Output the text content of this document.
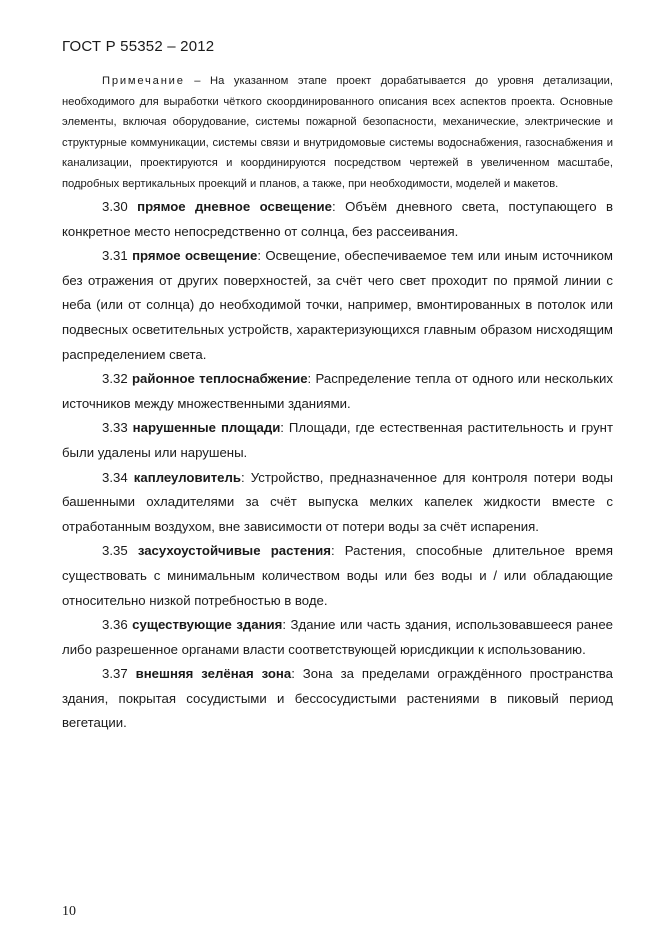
ГОСТ Р 55352 – 2012

Примечание – На указанном этапе проект дорабатывается до уровня детализации, необходимого для выработки чёткого скоординированного описания всех аспектов проекта. Основные элементы, включая оборудование, системы пожарной безопасности, механические, электрические и структурные коммуникации, системы связи и внутридомовые системы водоснабжения, газоснабжения и канализации, проектируются и координируются посредством чертежей в увеличенном масштабе, подробных вертикальных проекций и планов, а также, при необходимости, моделей и макетов.

3.30 прямое дневное освещение: Объём дневного света, поступающего в конкретное место непосредственно от солнца, без рассеивания.

3.31 прямое освещение: Освещение, обеспечиваемое тем или иным источником без отражения от других поверхностей, за счёт чего свет проходит по прямой линии с неба (или от солнца) до необходимой точки, например, вмонтированных в потолок или подвесных осветительных устройств, характеризующихся главным образом нисходящим распределением света.

3.32 районное теплоснабжение: Распределение тепла от одного или нескольких источников между множественными зданиями.

3.33 нарушенные площади: Площади, где естественная растительность и грунт были удалены или нарушены.

3.34 каплеуловитель: Устройство, предназначенное для контроля потери воды башенными охладителями за счёт выпуска мелких капелек жидкости вместе с отработанным воздухом, вне зависимости от потери воды за счёт испарения.

3.35 засухоустойчивые растения: Растения, способные длительное время существовать с минимальным количеством воды или без воды и / или обладающие относительно низкой потребностью в воде.

3.36 существующие здания: Здание или часть здания, использовавшееся ранее либо разрешенное органами власти соответствующей юрисдикции к использованию.

3.37 внешняя зелёная зона: Зона за пределами ограждённого пространства здания, покрытая сосудистыми и бессосудистыми растениями в пиковый период вегетации.

10
